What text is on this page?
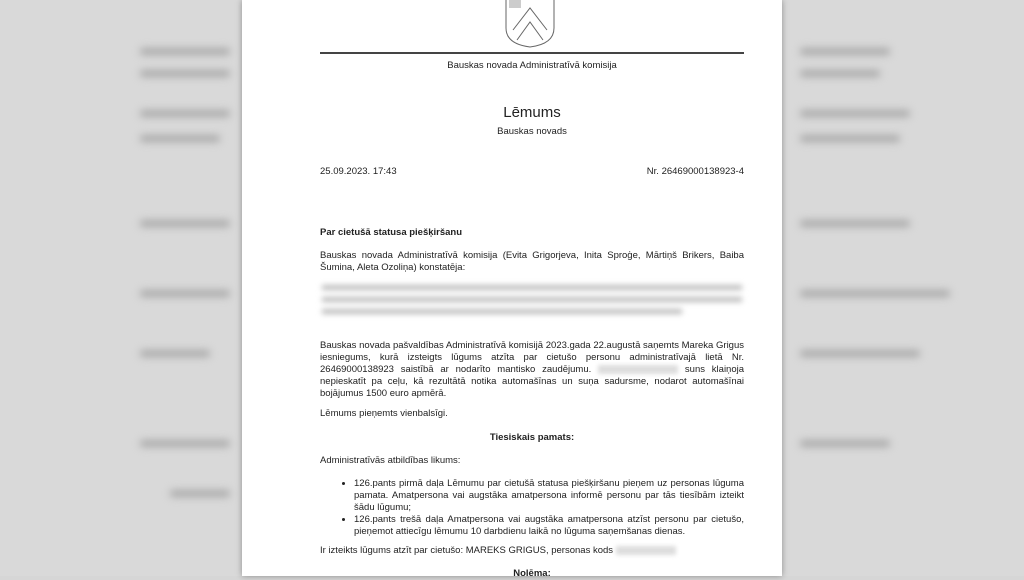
Bauskas novada Administratīvā komisija
Lēmums
Bauskas novads
25.09.2023. 17:43	Nr. 26469000138923-4
Par cietušā statusa piešķiršanu
Bauskas novada Administratīvā komisija (Evita Grigorjeva, Inita Sproģe, Mārtiņš Brikers, Baiba Šumina, Aleta Ozoliņa) konstatēja:
Bauskas novada pašvaldības Administratīvā komisijā 2023.gada 22.augustā saņemts Mareka Grigus iesniegums, kurā izsteigts lūgums atzīta par cietušo personu administratīvajā lietā Nr. 26469000138923 saistībā ar nodarīto mantisko zaudējumu.	suns klaiņoja nepieskatīt pa ceļu, kā rezultātā notika automašīnas un suņa sadursme, nodarot automašīnai bojājumus 1500 euro apmērā.
Lēmums pieņemts vienbalsīgi.
Tiesiskais pamats:
Administratīvās atbildības likums:
• 126.pants pirmā daļa Lēmumu par cietušā statusa piešķiršanu pieņem uz personas lūguma pamata. Amatpersona vai augstāka amatpersona informē personu par tās tiesībām izteikt šādu lūgumu;
• 126.pants trešā daļa Amatpersona vai augstāka amatpersona atzīst personu par cietušo, pieņemot attiecīgu lēmumu 10 darbdienu laikā no lūguma saņemšanas dienas.
Ir izteikts lūgums atzīt par cietušo: MAREKS GRIGUS, personas kods
Nolēma:
